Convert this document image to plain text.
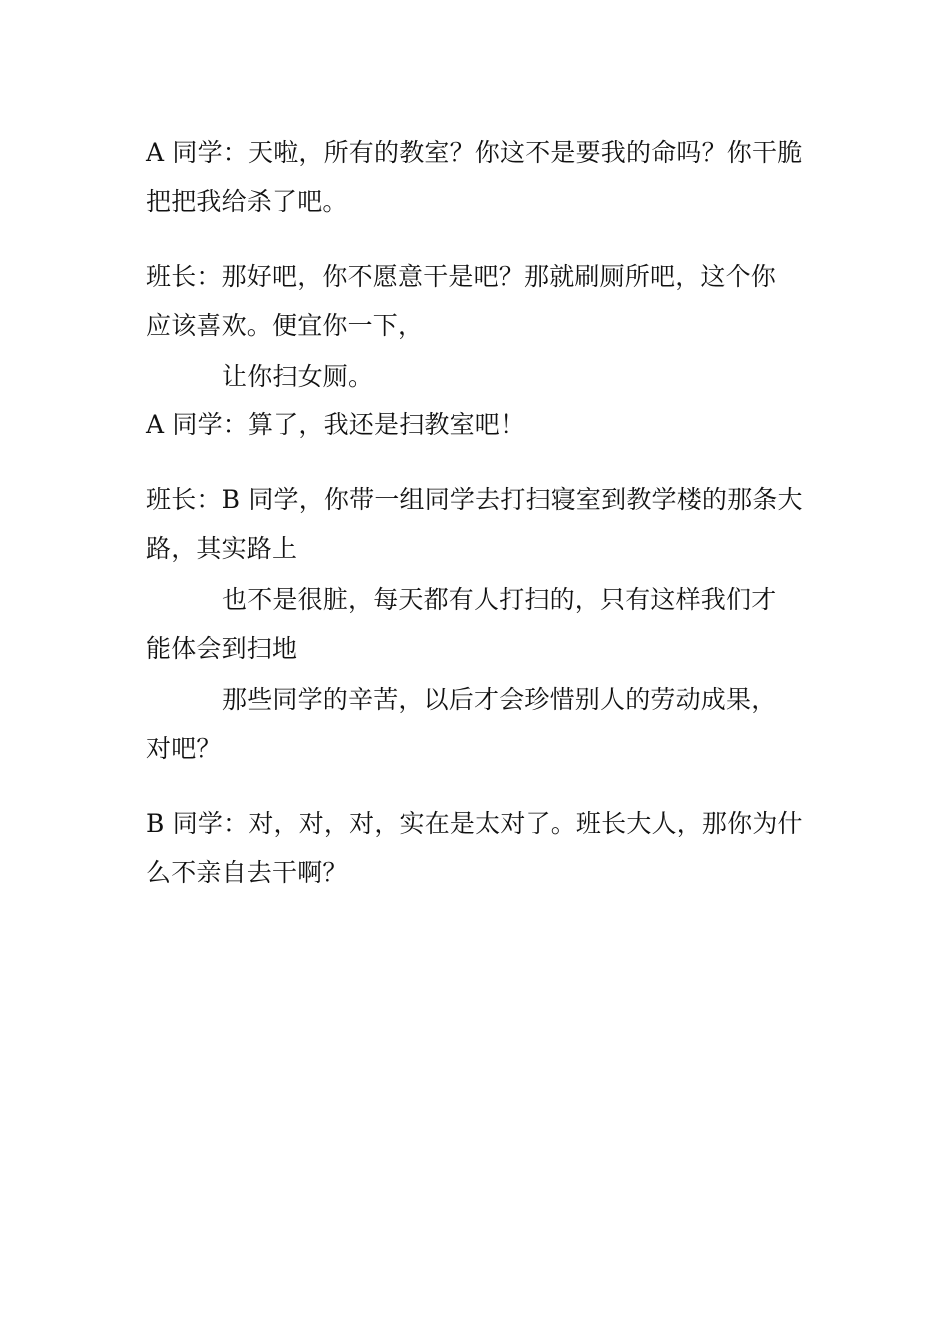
A 同学：天啦，所有的教室？你这不是要我的命吗？你干脆
把把我给杀了吧。
班长：那好吧，你不愿意干是吧？那就刷厕所吧，这个你
应该喜欢。便宜你一下，
让你扫女厕。
A 同学：算了，我还是扫教室吧！
班长：B 同学，你带一组同学去打扫寝室到教学楼的那条大
路，其实路上
也不是很脏，每天都有人打扫的，只有这样我们才
能体会到扫地
那些同学的辛苦，以后才会珍惜别人的劳动成果，
对吧？
B 同学：对，对，对，实在是太对了。班长大人，那你为什
么不亲自去干啊？
